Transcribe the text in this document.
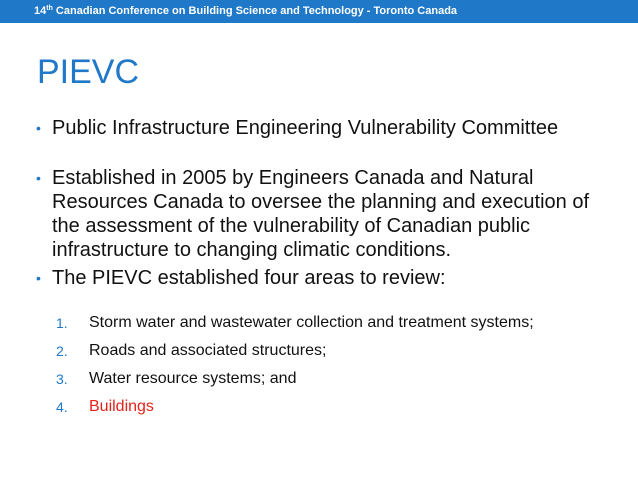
14th Canadian Conference on Building Science and Technology - Toronto Canada
PIEVC
• Public Infrastructure Engineering Vulnerability Committee
• Established in 2005 by Engineers Canada and Natural Resources Canada to oversee the planning and execution of the assessment of the vulnerability of Canadian public infrastructure to changing climatic conditions.
• The PIEVC established four areas to review:
1.	Storm water and wastewater collection and treatment systems;
2.	Roads and associated structures;
3.	Water resource systems; and
4.	Buildings
